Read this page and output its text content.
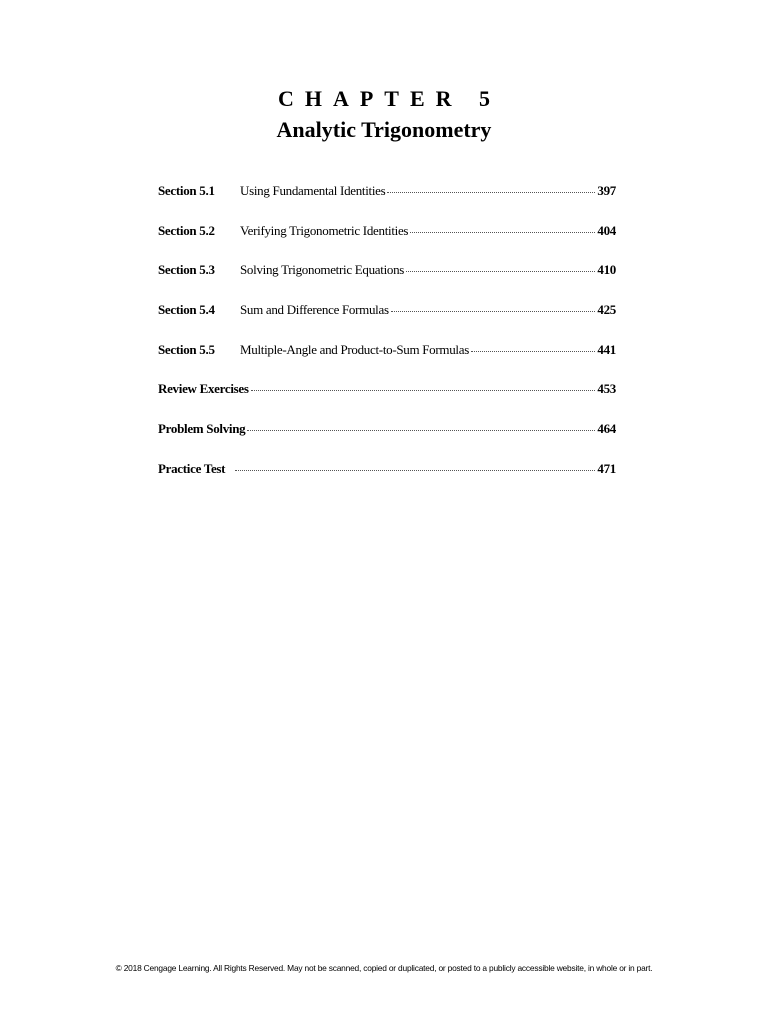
CHAPTER 5
Analytic Trigonometry
Section 5.1	Using Fundamental Identities	397
Section 5.2	Verifying Trigonometric Identities	404
Section 5.3	Solving Trigonometric Equations	410
Section 5.4	Sum and Difference Formulas	425
Section 5.5	Multiple-Angle and Product-to-Sum Formulas	441
Review Exercises	453
Problem Solving	464
Practice Test	471
© 2018 Cengage Learning. All Rights Reserved. May not be scanned, copied or duplicated, or posted to a publicly accessible website, in whole or in part.
